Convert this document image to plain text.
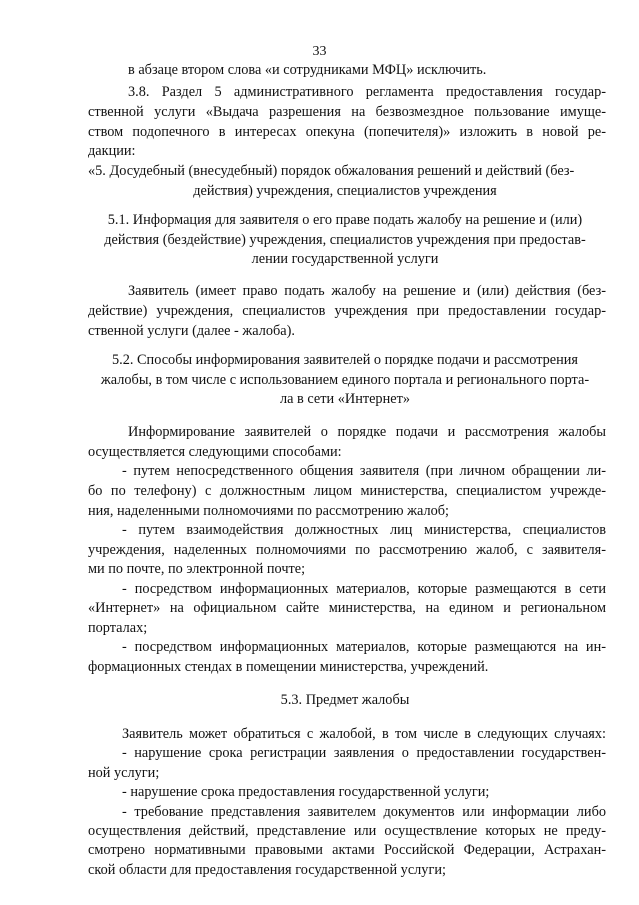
33
в абзаце втором слова «и сотрудниками МФЦ» исключить.
3.8. Раздел 5 административного регламента предоставления государ-
ственной услуги «Выдача разрешения на безвозмездное пользование имуще-
ством подопечного в интересах опекуна (попечителя)» изложить в новой ре-
дакции:
«5. Досудебный (внесудебный) порядок обжалования решений и действий (без-
действия) учреждения, специалистов учреждения
5.1. Информация для заявителя о его праве подать жалобу на решение и (или)
действия (бездействие) учреждения, специалистов учреждения при предостав-
лении государственной услуги
Заявитель (имеет право подать жалобу на решение и (или) действия (без-
действие) учреждения, специалистов учреждения при предоставлении государ-
ственной услуги (далее - жалоба).
5.2. Способы информирования заявителей о порядке подачи и рассмотрения
жалобы, в том числе с использованием единого портала и регионального порта-
ла в сети «Интернет»
Информирование заявителей о порядке подачи и рассмотрения жалобы
осуществляется следующими способами:
- путем непосредственного общения заявителя (при личном обращении ли-
бо по телефону) с должностным лицом министерства, специалистом учрежде-
ния, наделенными полномочиями по рассмотрению жалоб;
- путем взаимодействия должностных лиц министерства, специалистов
учреждения, наделенных полномочиями по рассмотрению жалоб, с заявителя-
ми по почте, по электронной почте;
- посредством информационных материалов, которые размещаются в сети
«Интернет» на официальном сайте министерства, на едином и региональном
порталах;
- посредством информационных материалов, которые размещаются на ин-
формационных стендах в помещении министерства, учреждений.
5.3. Предмет жалобы
Заявитель может обратиться с жалобой, в том числе в следующих случаях:
- нарушение срока регистрации заявления о предоставлении государствен-
ной услуги;
- нарушение срока предоставления государственной услуги;
- требование представления заявителем документов или информации либо
осуществления действий, представление или осуществление которых не преду-
смотрено нормативными правовыми актами Российской Федерации, Астрахан-
ской области для предоставления государственной услуги;
